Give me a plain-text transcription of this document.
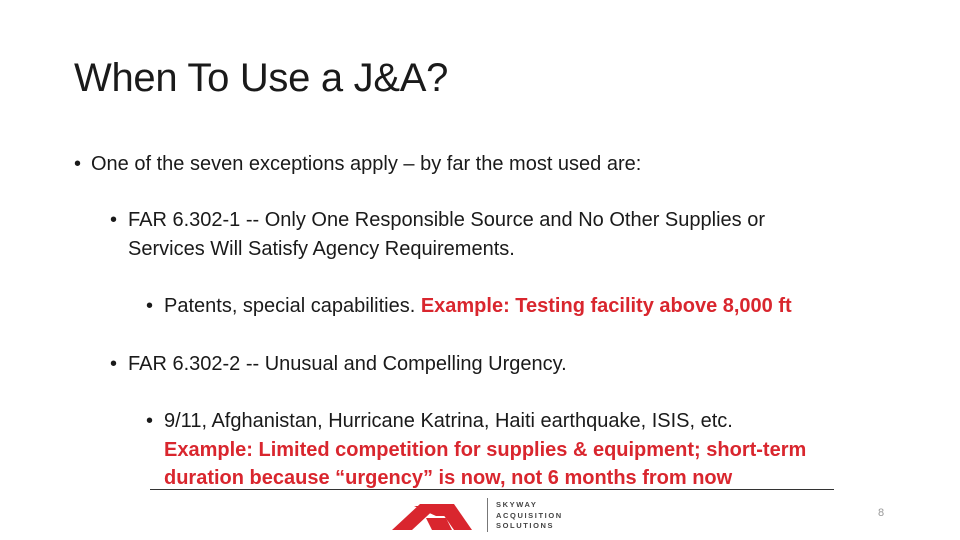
When To Use a J&A?
• One of the seven exceptions apply – by far the most used are:
• FAR 6.302-1 -- Only One Responsible Source and No Other Supplies or
Services Will Satisfy Agency Requirements.
• Patents, special capabilities. Example: Testing facility above 8,000 ft
• FAR 6.302-2 -- Unusual and Compelling Urgency.
• 9/11, Afghanistan, Hurricane Katrina, Haiti earthquake, ISIS, etc.
Example: Limited competition for supplies & equipment; short-term
duration because “urgency” is now, not 6 months from now
SKYWAY
ACQUISITION
SOLUTIONS
8
